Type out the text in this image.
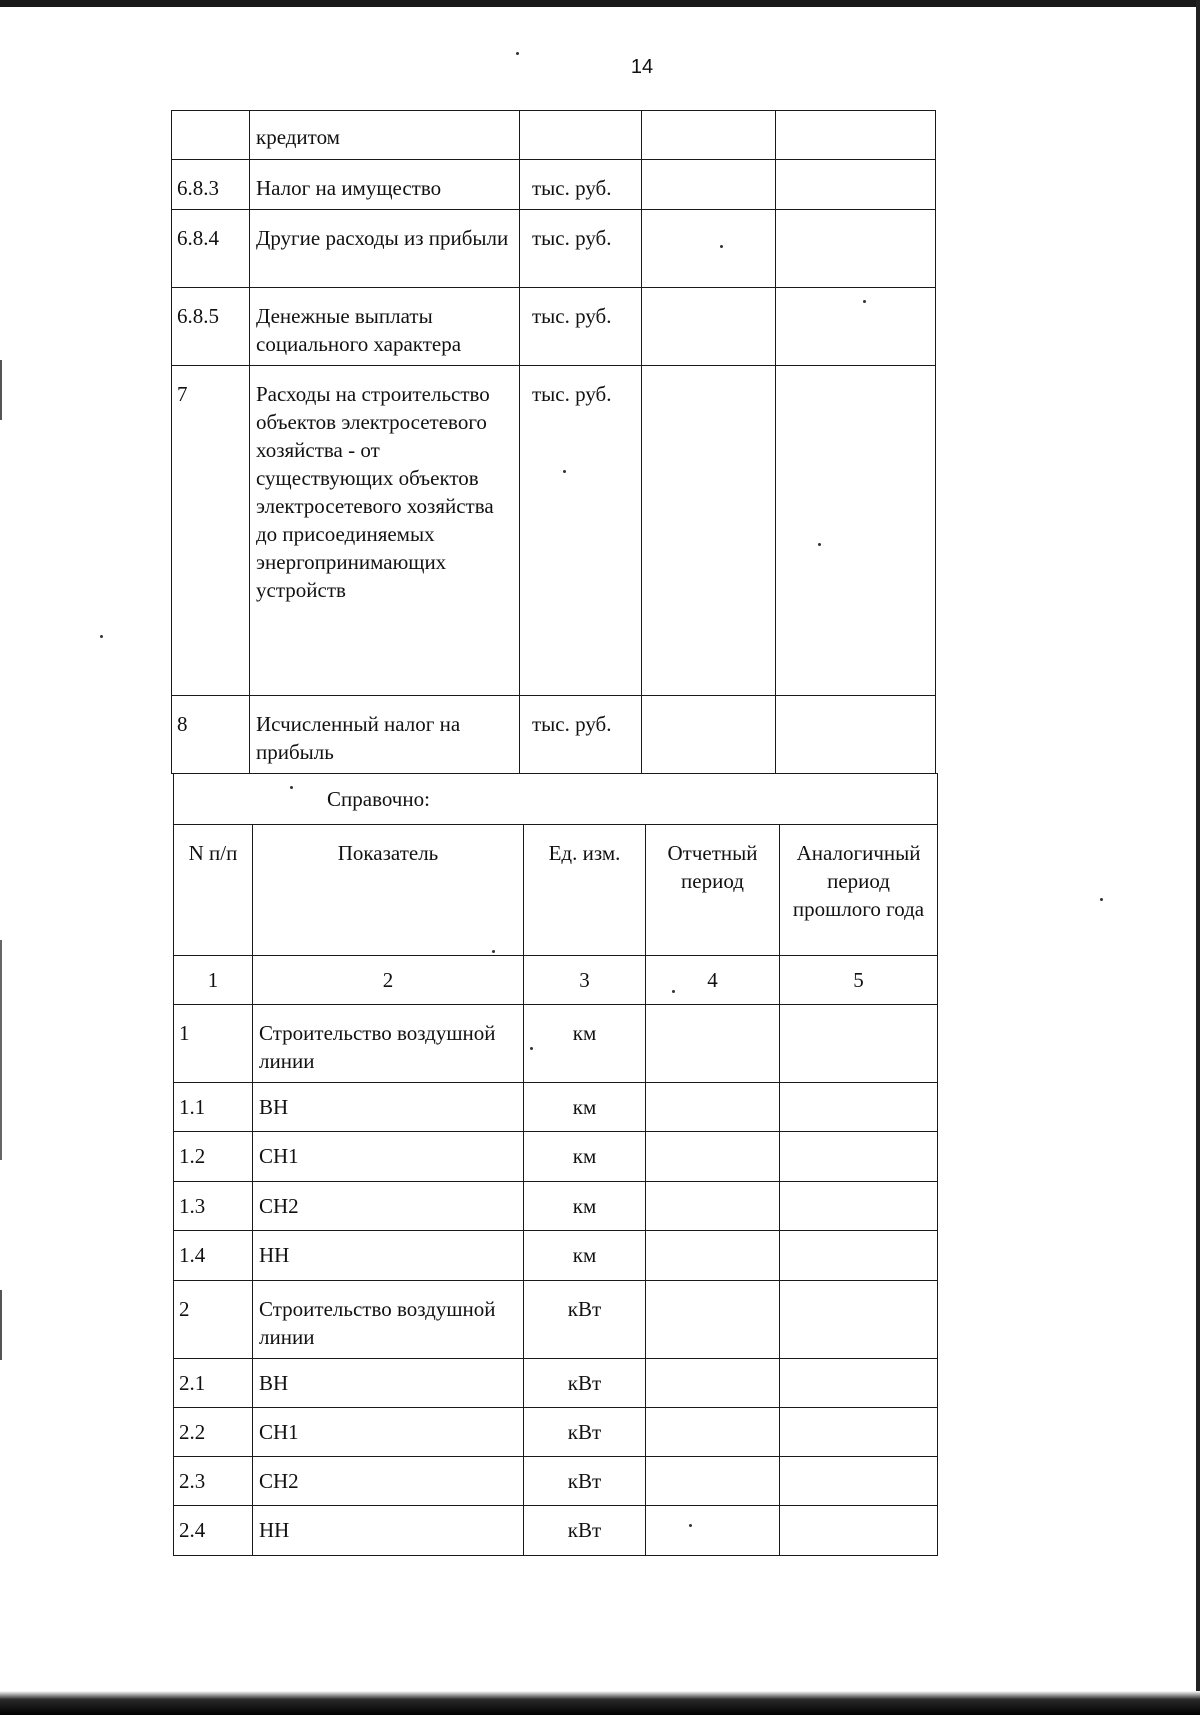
14
	кредитом			
6.8.3	Налог на имущество	тыс. руб.		
6.8.4	Другие расходы из прибыли	тыс. руб.		
6.8.5	Денежные выплаты социального характера	тыс. руб.		
7	Расходы на строительство объектов электросетевого хозяйства - от существующих объектов электросетевого хозяйства до присоединяемых энергопринимающих устройств	тыс. руб.		
8	Исчисленный налог на прибыль	тыс. руб.		
Справочно:				
N п/п	Показатель	Ед. изм.	Отчетный период	Аналогичный период прошлого года
1	2	3	4	5
1	Строительство воздушной линии	км		
1.1	ВН	км		
1.2	СН1	км		
1.3	СН2	км		
1.4	НН	км		
2	Строительство воздушной линии	кВт		
2.1	ВН	кВт		
2.2	СН1	кВт		
2.3	СН2	кВт		
2.4	НН	кВт		
